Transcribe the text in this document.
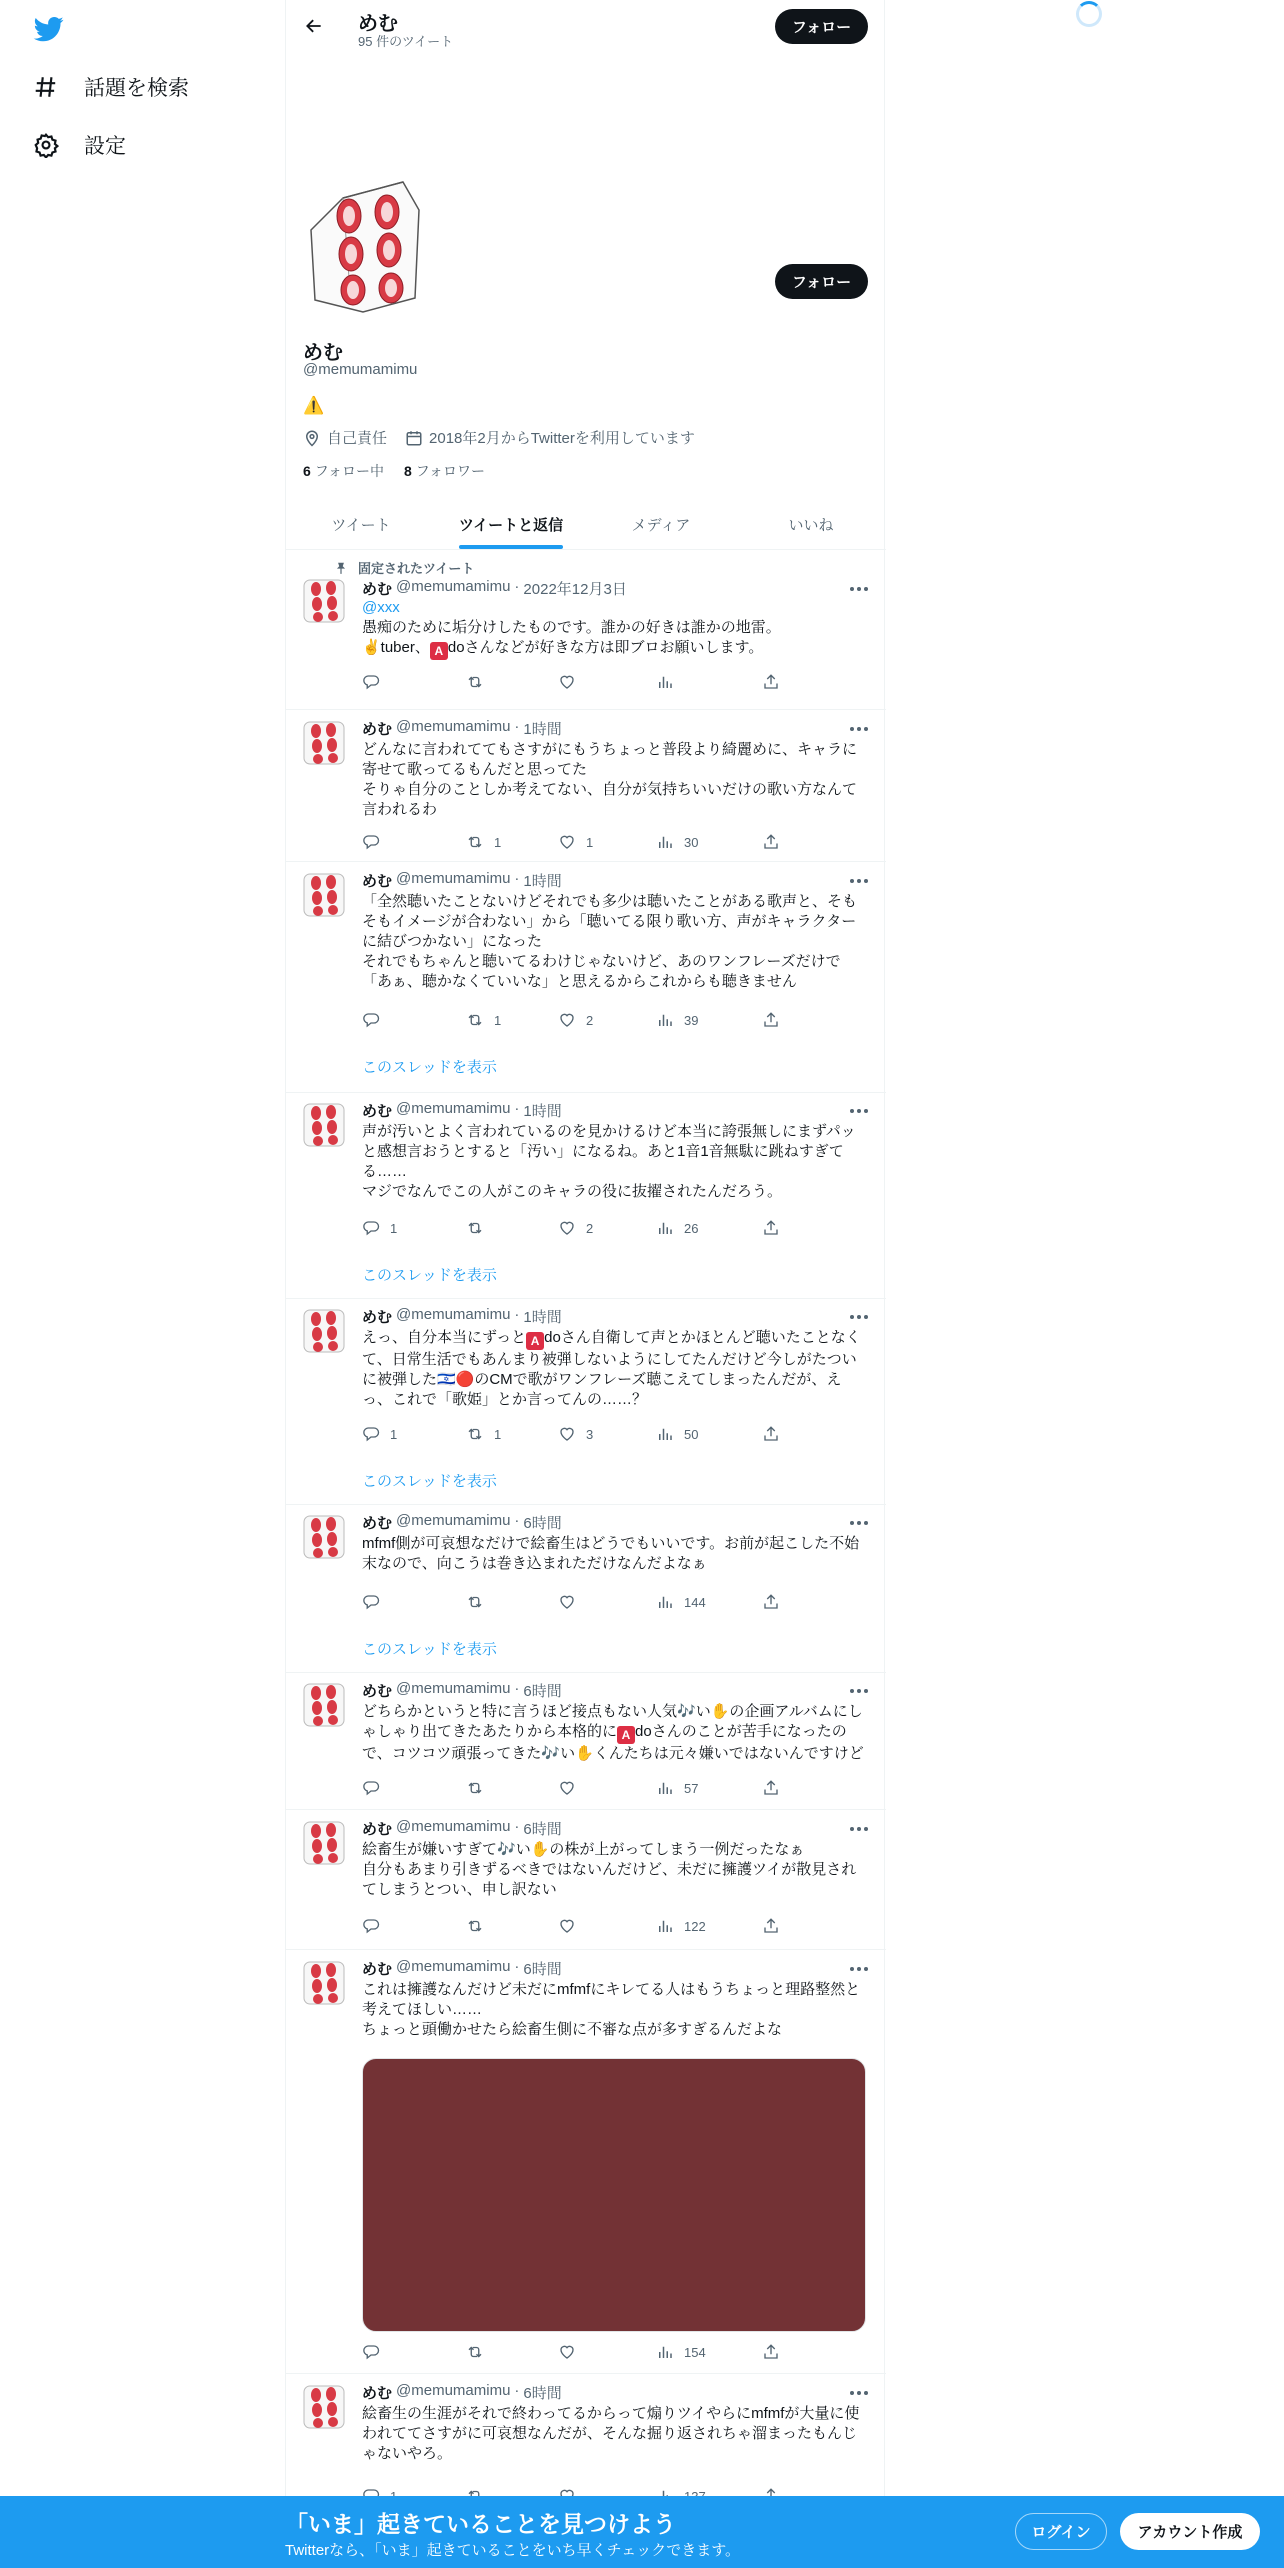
話題を検索
設定
めむ
95 件のツイート
フォロー
フォロー
めむ
@memumamimu
⚠️
自己責任	2018年2月からTwitterを利用しています
6 フォロー中 8 フォロワー
ツイート	ツイートと返信	メディア	いいね
固定されたツイート
めむ @memumamimu · 2022年12月3日

@xxx

愚痴のために垢分けしたものです。誰かの好きは誰かの地雷。

✌️tuber、 A doさんなどが好きな方は即ブロお願いします。

めむ @memumamimu · 1時間

どんなに言われててもさすがにもうちょっと普段より綺麗めに、キャラに寄せて歌ってるもんだと思ってた
そりゃ自分のことしか考えてない、自分が気持ちいいだけの歌い方なんて言われるわ

1	1	30
めむ @memumamimu · 1時間

「全然聴いたことないけどそれでも多少は聴いたことがある歌声と、そもそもイメージが合わない」から「聴いてる限り歌い方、声がキャラクターに結びつかない」になった
それでもちゃんと聴いてるわけじゃないけど、あのワンフレーズだけで「あぁ、聴かなくていいな」と思えるからこれからも聴きません

1	2	39
このスレッドを表示
めむ @memumamimu · 1時間

声が汚いとよく言われているのを見かけるけど本当に誇張無しにまずパッと感想言おうとすると「汚い」になるね。あと1音1音無駄に跳ねすぎてる……
マジでなんでこの人がこのキャラの役に抜擢されたんだろう。

1	2	26
このスレッドを表示
めむ @memumamimu · 1時間

えっ、自分本当にずっと A doさん自衛して声とかほとんど聴いたことなくて、日常生活でもあんまり被弾しないようにしてたんだけど今しがたついに被弾した🇮🇱🔴のCMで歌がワンフレーズ聴こえてしまったんだが、えっ、これで「歌姫」とか言ってんの……？

1	1	3	50
このスレッドを表示
めむ @memumamimu · 6時間

mfmf側が可哀想なだけで絵畜生はどうでもいいです。お前が起こした不始末なので、向こうは巻き込まれただけなんだよなぁ

144
このスレッドを表示
めむ @memumamimu · 6時間

どちらかというと特に言うほど接点もない人気🎶い✋の企画アルバムにしゃしゃり出てきたあたりから本格的に A doさんのことが苦手になったので、コツコツ頑張ってきた🎶い✋くんたちは元々嫌いではないんですけど

57
めむ @memumamimu · 6時間

絵畜生が嫌いすぎて🎶い✋の株が上がってしまう一例だったなぁ
自分もあまり引きずるべきではないんだけど、未だに擁護ツイが散見されてしまうとつい、申し訳ない

122
めむ @memumamimu · 6時間

これは擁護なんだけど未だにmfmfにキレてる人はもうちょっと理路整然と考えてほしい……
ちょっと頭働かせたら絵畜生側に不審な点が多すぎるんだよな

154
めむ @memumamimu · 6時間

絵畜生の生涯がそれで終わってるからって煽りツイやらにmfmfが大量に使われててさすがに可哀想なんだが、そんな掘り返されちゃ溜まったもんじゃないやろ。

「いま」起きていることを見つけよう
Twitterなら、「いま」起きていることをいち早くチェックできます。
ログイン	アカウント作成
